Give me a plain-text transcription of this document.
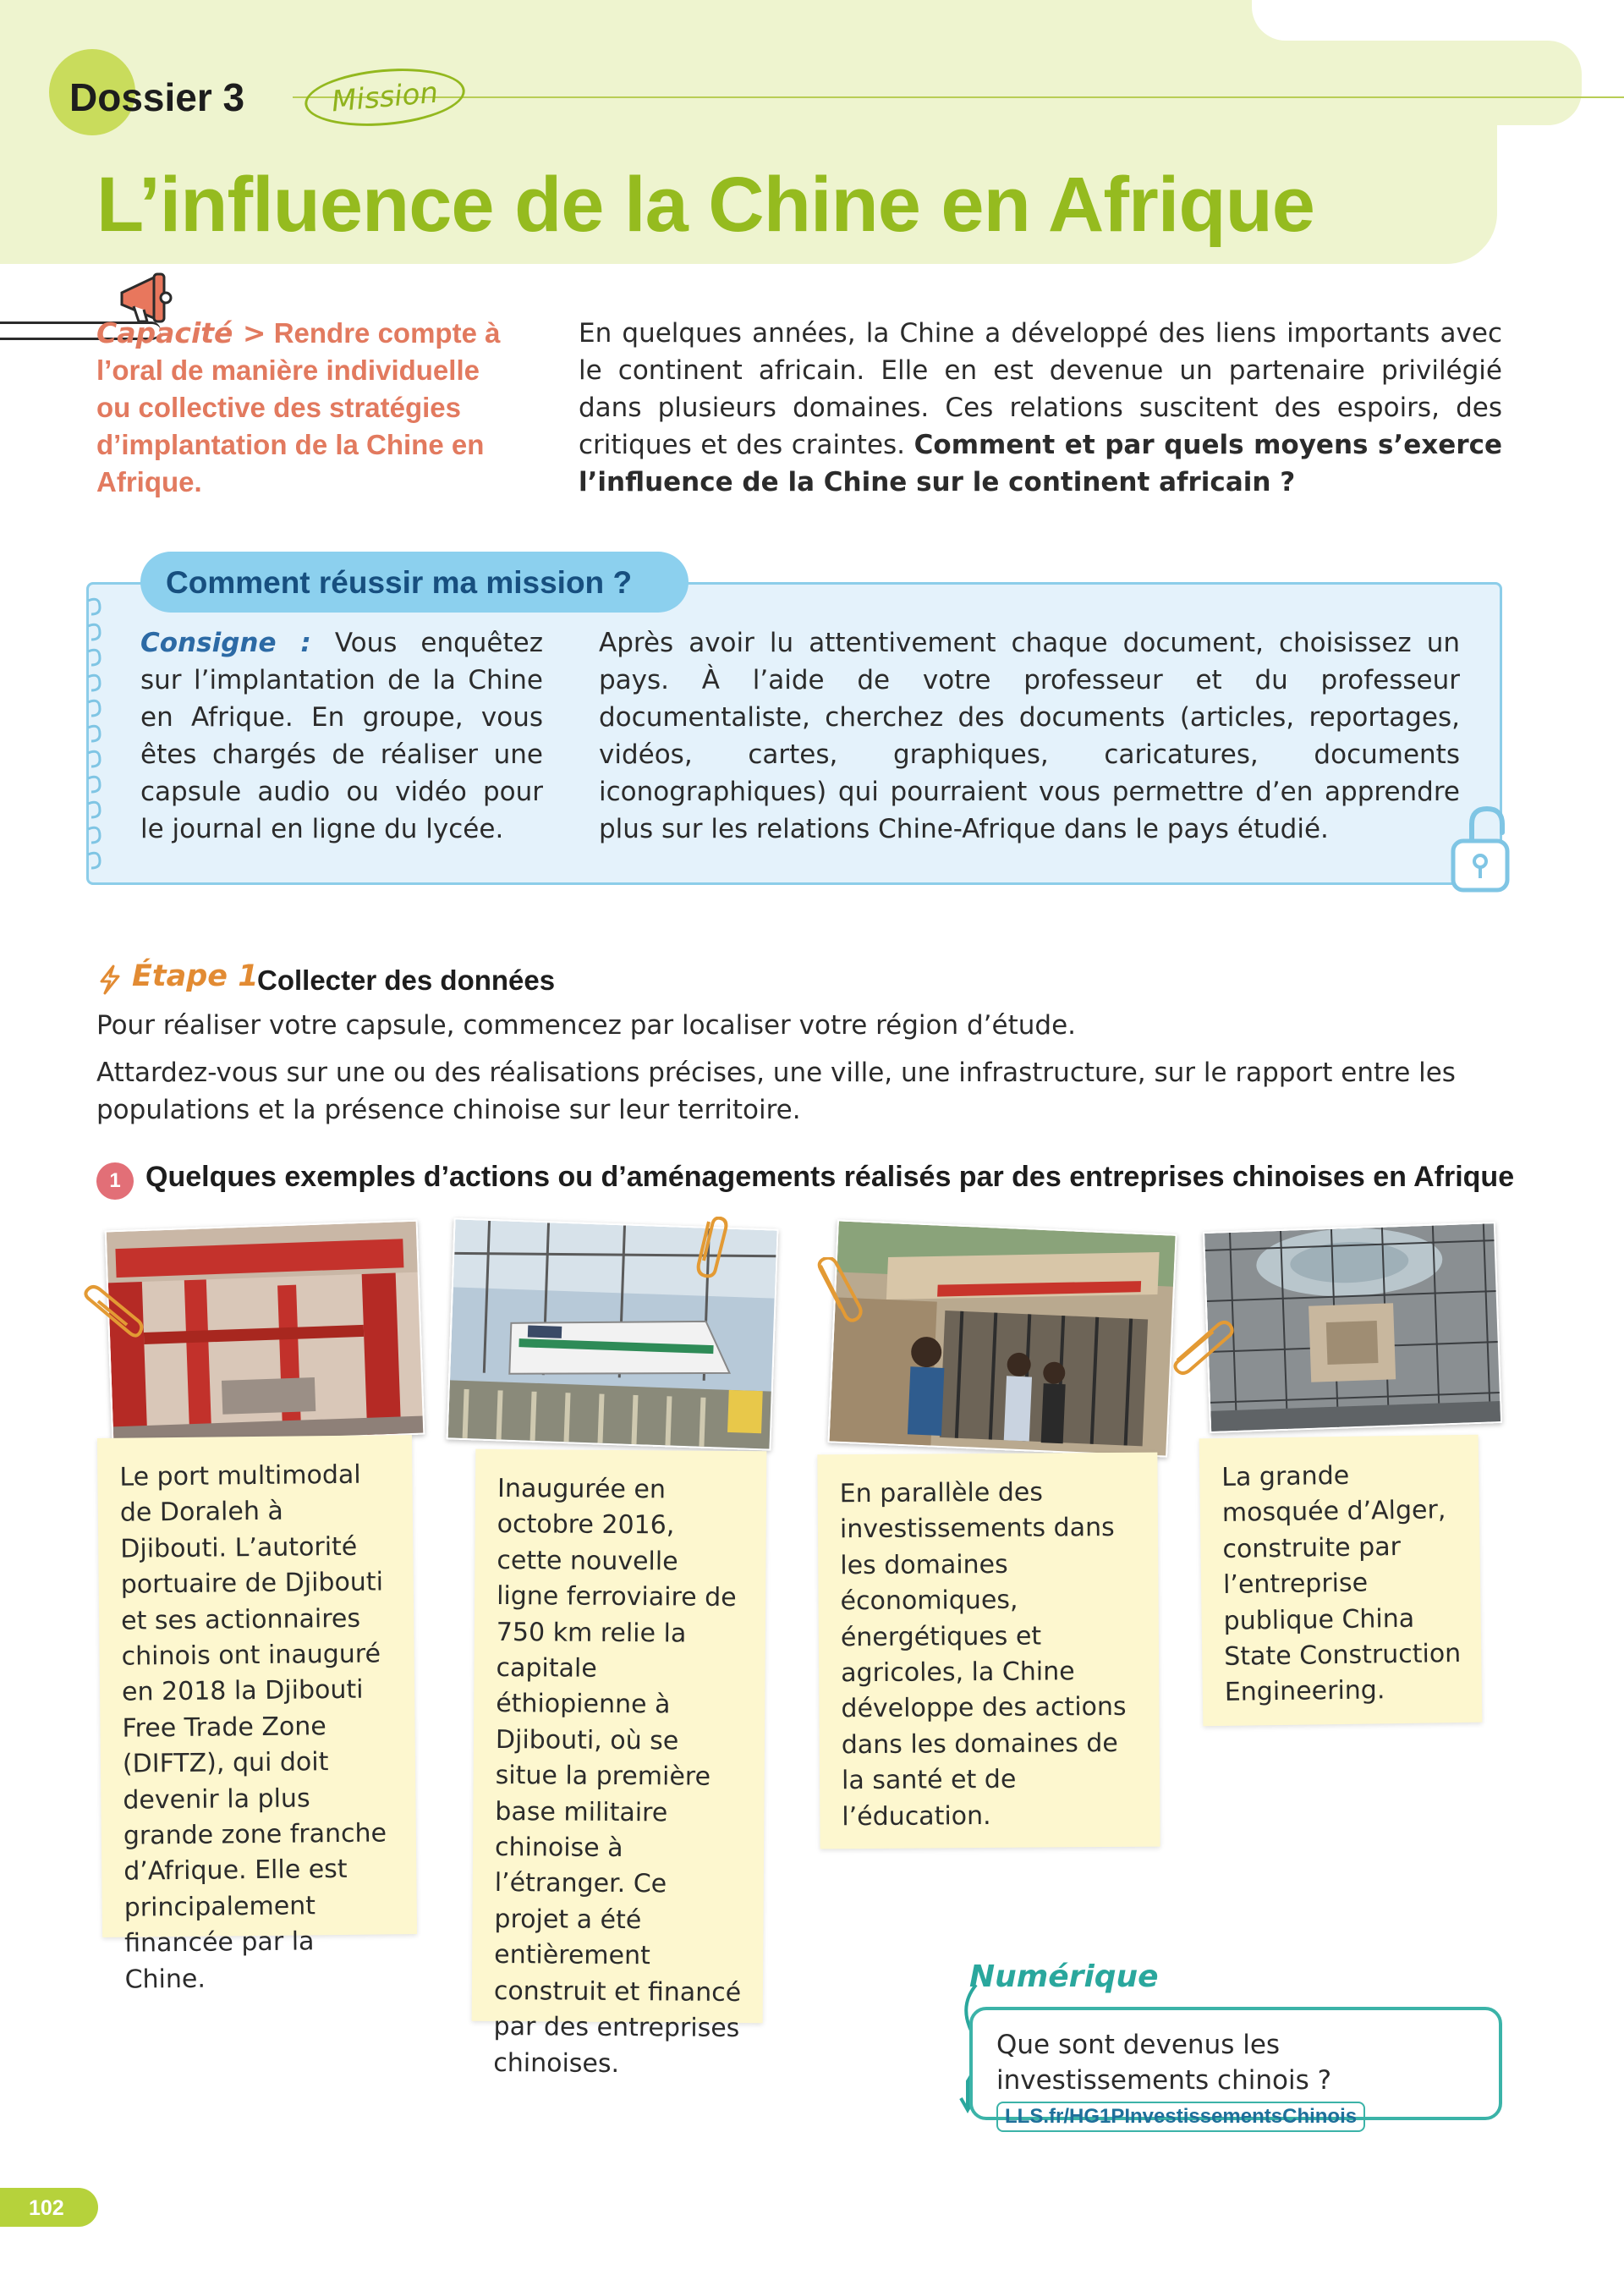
Dossier 3	Mission
L’influence de la Chine en Afrique
Capacité > Rendre compte à l’oral de manière individuelle ou collective des stratégies d’implantation de la Chine en Afrique.
En quelques années, la Chine a développé des liens importants avec le continent africain. Elle en est devenue un partenaire privilégié dans plusieurs domaines. Ces relations suscitent des espoirs, des critiques et des craintes. Comment et par quels moyens s’exerce l’influence de la Chine sur le continent africain ?
Comment réussir ma mission ?
Consigne : Vous enquêtez sur l’implantation de la Chine en Afrique. En groupe, vous êtes chargés de réaliser une capsule audio ou vidéo pour le journal en ligne du lycée.
Après avoir lu attentivement chaque document, choisissez un pays. À l’aide de votre professeur et du professeur documentaliste, cherchez des documents (articles, reportages, vidéos, cartes, graphiques, caricatures, documents iconographiques) qui pourraient vous permettre d’en apprendre plus sur les relations Chine-Afrique dans le pays étudié.
Étape 1
Collecter des données

Pour réaliser votre capsule, commencez par localiser votre région d’étude.

Attardez-vous sur une ou des réalisations précises, une ville, une infrastructure, sur le rapport entre les populations et la présence chinoise sur leur territoire.

1 Quelques exemples d’actions ou d’aménagements réalisés par des entreprises chinoises en Afrique
Le port multimodal de Doraleh à Djibouti. L’autorité portuaire de Djibouti et ses actionnaires chinois ont inauguré en 2018 la Djibouti Free Trade Zone (DIFTZ), qui doit devenir la plus grande zone franche d’Afrique. Elle est principalement financée par la Chine.
Inaugurée en octobre 2016, cette nouvelle ligne ferroviaire de 750 km relie la capitale éthiopienne à Djibouti, où se situe la première base militaire chinoise à l’étranger. Ce projet a été entièrement construit et financé par des entreprises chinoises.
En parallèle des investissements dans les domaines économiques, énergétiques et agricoles, la Chine développe des actions dans les domaines de la santé et de l’éducation.
La grande mosquée d’Alger, construite par l’entreprise publique China State Construction Engineering.
Numérique
Que sont devenus les investissements chinois ? LLS.fr/HG1PInvestissementsChinois
102
